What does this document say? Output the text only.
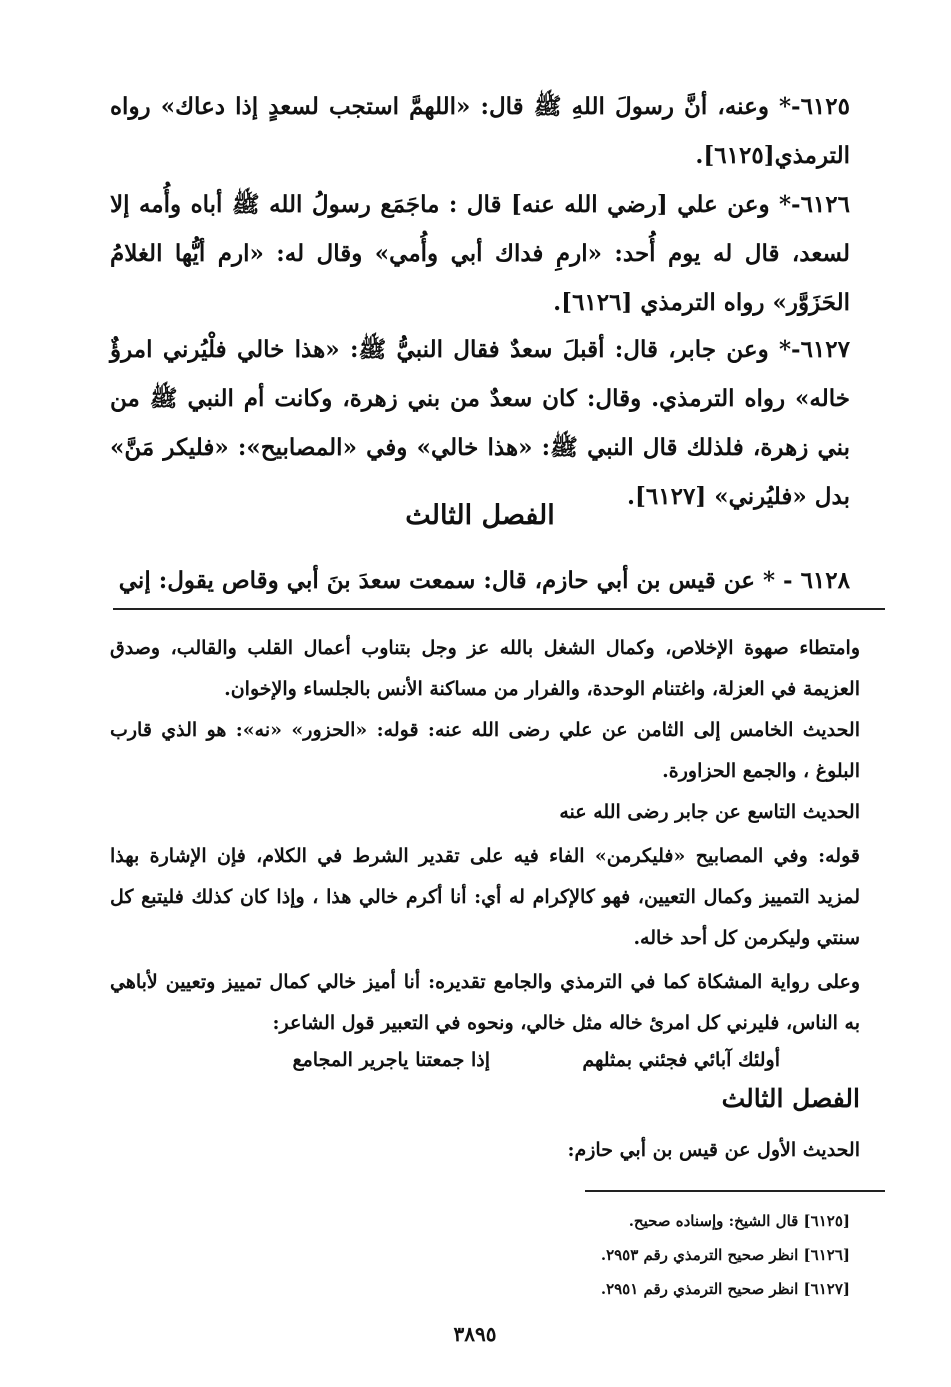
٦١٢٥-* وعنه، أنَّ رسولَ اللهِ ﷺ قال: «اللهمَّ استجب لسعدٍ إذا دعاك» رواه الترمذي[٦١٢٥].
٦١٢٦-* وعن علي [رضي الله عنه] قال : ماجَمَع رسولُ الله ﷺ أباه وأُمه إلا لسعد، قال له يوم أُحد: «ارمِ فداك أبي وأُمي» وقال له: «ارم أيُّها الغلامُ الحَزَوَّر» رواه الترمذي [٦١٢٦].
٦١٢٧-* وعن جابر، قال: أقبلَ سعدٌ فقال النبيُّ ﷺ: «هذا خالي فلْيُرني امرؤٌ خاله» رواه الترمذي. وقال: كان سعدٌ من بني زهرة، وكانت أم النبي ﷺ من بني زهرة، فلذلك قال النبي ﷺ: «هذا خالي» وفي «المصابيح»: «فليكر مَنَّ» بدل «فليُرني» [٦١٢٧].
الفصل الثالث
٦١٢٨ - * عن قيس بن أبي حازم، قال: سمعت سعدَ بنَ أبي وقاص يقول: إني
وامتطاء صهوة الإخلاص، وكمال الشغل بالله عز وجل بتناوب أعمال القلب والقالب، وصدق العزيمة في العزلة، واغتنام الوحدة، والفرار من مساكنة الأنس بالجلساء والإخوان.
الحديث الخامس إلى الثامن عن علي رضى الله عنه: قوله: «الحزور» «نه»: هو الذي قارب البلوغ ، والجمع الحزاورة.
الحديث التاسع عن جابر رضى الله عنه
قوله: وفي المصابيح «فليكرمن» الفاء فيه على تقدير الشرط في الكلام، فإن الإشارة بهذا لمزيد التمييز وكمال التعيين، فهو كالإكرام له أي: أنا أكرم خالي هذا ، وإذا كان كذلك فليتبع كل سنتي وليكرمن كل أحد خاله.
وعلى رواية المشكاة كما في الترمذي والجامع تقديره: أنا أميز خالي كمال تمييز وتعيين لأباهي به الناس، فليرني كل امرئ خاله مثل خالي، ونحوه في التعبير قول الشاعر:
أولئك آبائي فجئني بمثلهم
إذا جمعتنا ياجرير المجامع
الفصل الثالث
الحديث الأول عن قيس بن أبي حازم:
[٦١٢٥] قال الشيخ: وإسناده صحيح.
[٦١٢٦] انظر صحيح الترمذي رقم ٢٩٥٣.
[٦١٢٧] انظر صحيح الترمذي رقم ٢٩٥١.
٣٨٩٥
